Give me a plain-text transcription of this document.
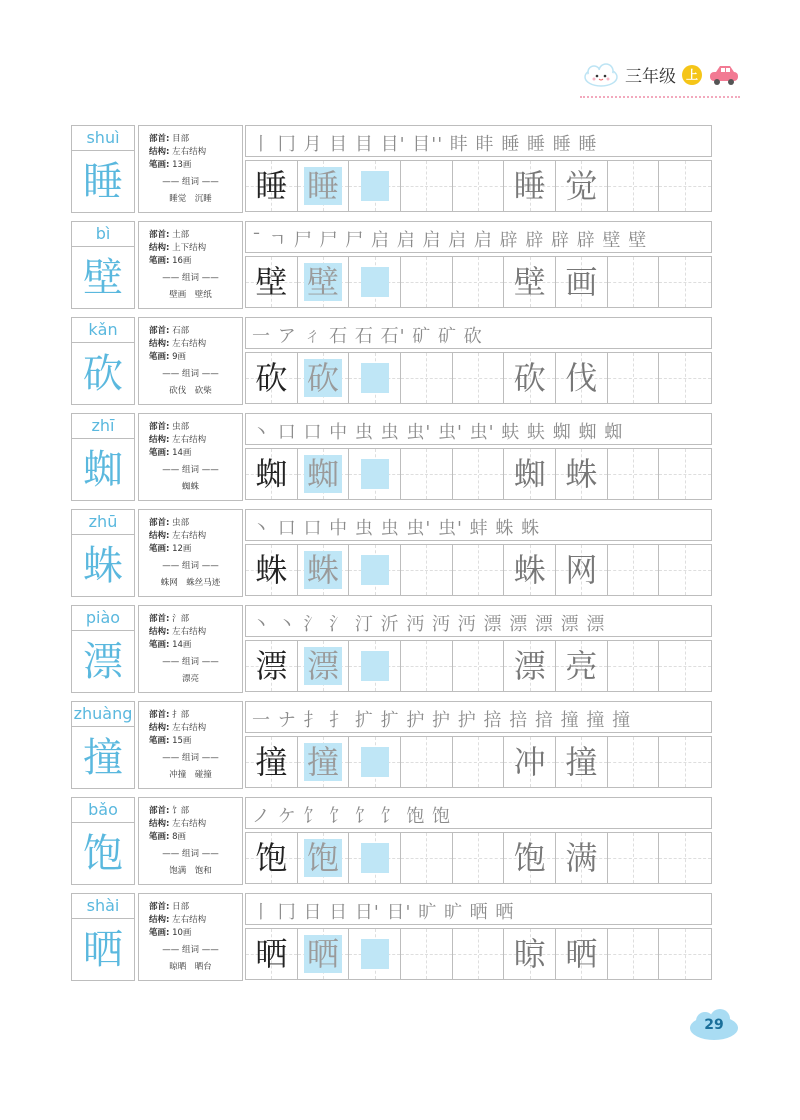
三年级 上
shuì
睡
部首: 目部
结构: 左右结构
笔画: 13画
—— 组词 ——
睡觉　沉睡
丨 冂 月 目 目 目' 目'' 盽 盽 睡 睡 睡 睡
睡 睡	睡 觉
bì
壁
部首: 土部
结构: 上下结构
笔画: 16画
—— 组词 ——
壁画　壁纸
ˉ ㄱ 尸 尸 尸 启 启 启 启 启 辟 辟 辟 辟 壁 壁
壁 壁	壁 画
kǎn
砍
部首: 石部
结构: 左右结构
笔画: 9画
—— 组词 ——
砍伐　砍柴
一 ア ㄔ 石 石 石' 矿 矿 砍
砍 砍	砍 伐
zhī
蜘
部首: 虫部
结构: 左右结构
笔画: 14画
—— 组词 ——
蜘蛛
丶 口 口 中 虫 虫 虫' 虫' 虫' 蚨 蚨 蜘 蜘 蜘
蜘 蜘	蜘 蛛
zhū
蛛
部首: 虫部
结构: 左右结构
笔画: 12画
—— 组词 ——
蛛网　蛛丝马迹
丶 口 口 中 虫 虫 虫' 虫' 蚌 蛛 蛛
蛛 蛛	蛛 网
piào
漂
部首: 氵部
结构: 左右结构
笔画: 14画
—— 组词 ——
漂亮
丶 丶 氵 氵 汀 沂 沔 沔 沔 漂 漂 漂 漂 漂
漂 漂	漂 亮
zhuàng
撞
部首: 扌部
结构: 左右结构
笔画: 15画
—— 组词 ——
冲撞　碰撞
一 ナ 扌 扌 扩 扩 护 护 护 掊 掊 揞 撞 撞 撞
撞 撞	冲 撞
bǎo
饱
部首: 饣部
结构: 左右结构
笔画: 8画
—— 组词 ——
饱满　饱和
ノ ケ 饣 饣 饣 饣 饱 饱
饱 饱	饱 满
shài
晒
部首: 日部
结构: 左右结构
笔画: 10画
—— 组词 ——
晾晒　晒台
丨 冂 日 日 日' 日' 旷 旷 晒 晒
晒 晒	晾 晒
29
